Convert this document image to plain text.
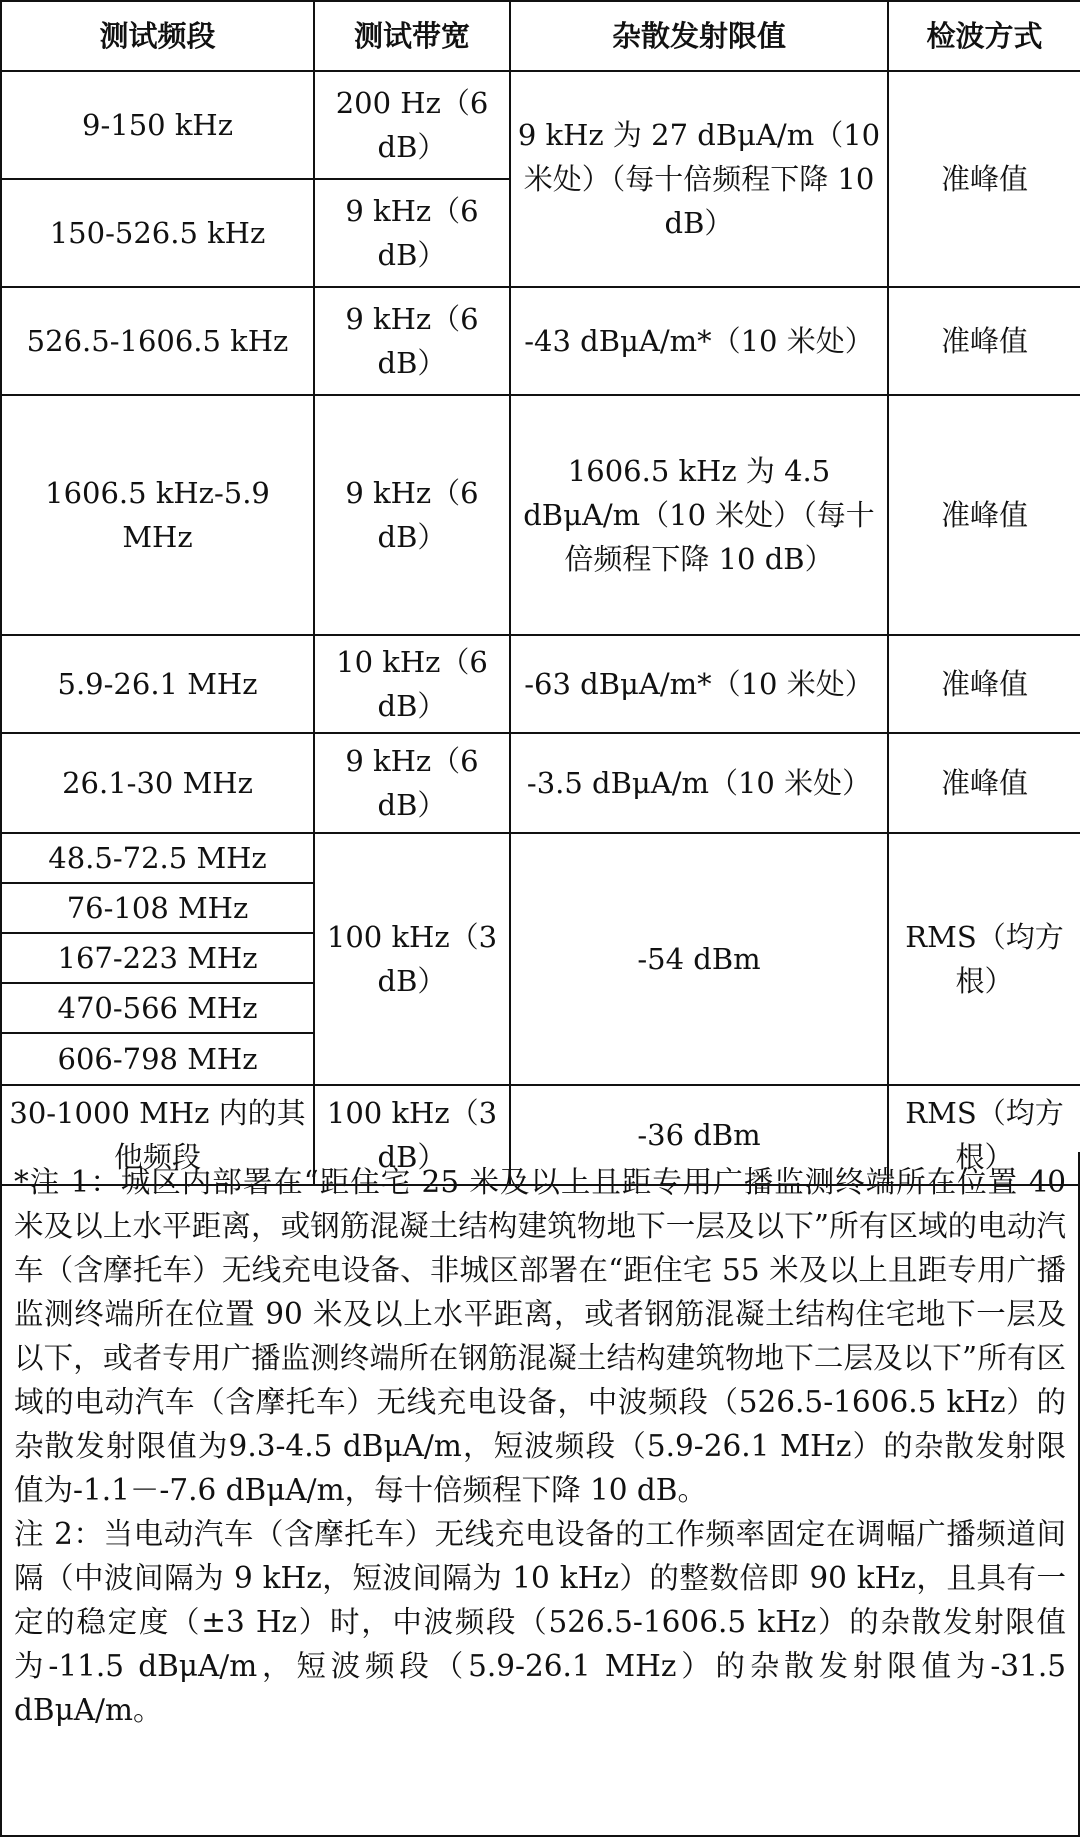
测试频段	测试带宽	杂散发射限值	检波方式
9-150 kHz	200 Hz（6 dB）	9 kHz 为 27 dBμA/m（10 米处）（每十倍频程下降 10 dB）	准峰值
150-526.5 kHz	9 kHz（6 dB）		
526.5-1606.5 kHz	9 kHz（6 dB）	-43 dBμA/m*（10 米处）	准峰值
1606.5 kHz-5.9 MHz	9 kHz（6 dB）	1606.5 kHz 为 4.5 dBμA/m（10 米处）（每十倍频程下降 10 dB）	准峰值
5.9-26.1 MHz	10 kHz（6 dB）	-63 dBμA/m*（10 米处）	准峰值
26.1-30 MHz	9 kHz（6 dB）	-3.5 dBμA/m（10 米处）	准峰值
48.5-72.5 MHz	100 kHz（3 dB）	-54 dBm	RMS（均方根）
76-108 MHz			
167-223 MHz			
470-566 MHz			
606-798 MHz			
30-1000 MHz 内的其他频段	100 kHz（3 dB）	-36 dBm	RMS（均方根）

*注 1：城区内部署在“距住宅 25 米及以上且距专用广播监测终端所在位置 40 米及以上水平距离，或钢筋混凝土结构建筑物地下一层及以下”所有区域的电动汽车（含摩托车）无线充电设备、非城区部署在“距住宅 55 米及以上且距专用广播监测终端所在位置 90 米及以上水平距离，或者钢筋混凝土结构住宅地下一层及以下，或者专用广播监测终端所在钢筋混凝土结构建筑物地下二层及以下”所有区域的电动汽车（含摩托车）无线充电设备，中波频段（526.5-1606.5 kHz）的杂散发射限值为9.3-4.5 dBμA/m，短波频段（5.9-26.1 MHz）的杂散发射限值为-1.1－-7.6 dBμA/m，每十倍频程下降 10 dB。

注 2：当电动汽车（含摩托车）无线充电设备的工作频率固定在调幅广播频道间隔（中波间隔为 9 kHz，短波间隔为 10 kHz）的整数倍即 90 kHz，且具有一定的稳定度（±3 Hz）时，中波频段（526.5-1606.5 kHz）的杂散发射限值为-11.5 dBμA/m，短波频段（5.9-26.1 MHz）的杂散发射限值为-31.5 dBμA/m。
